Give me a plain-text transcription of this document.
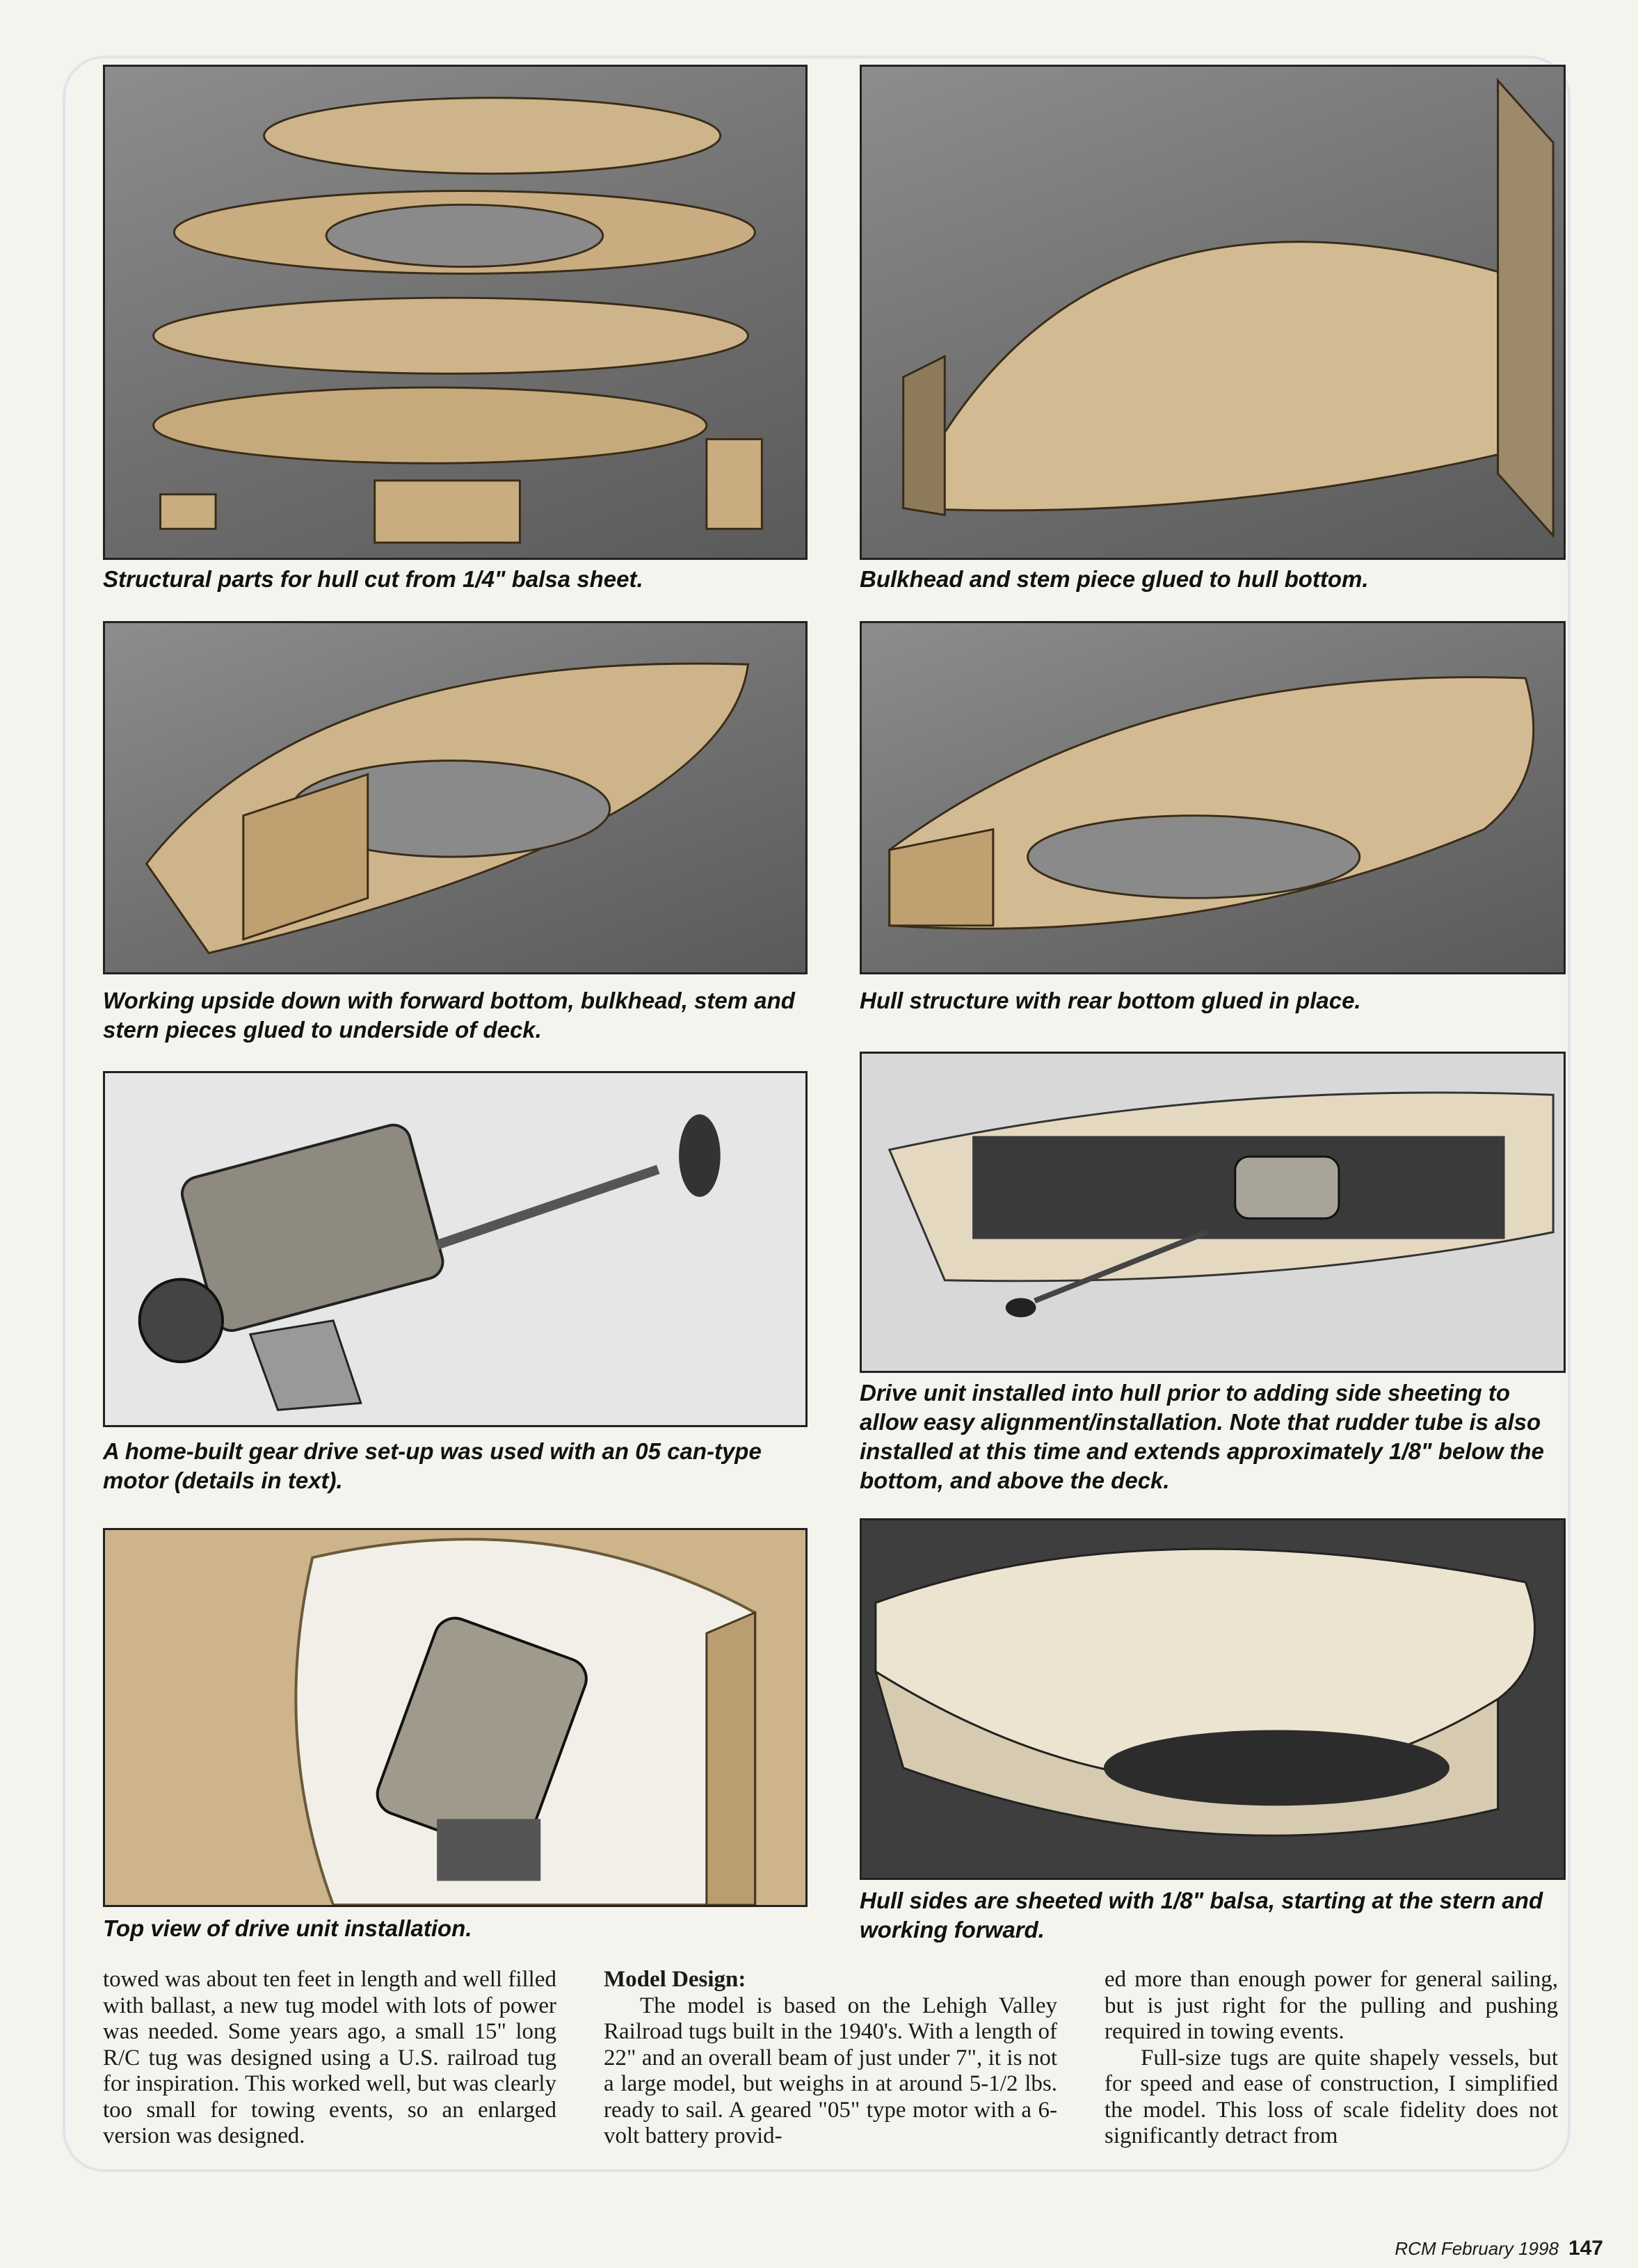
Structural parts for hull cut from 1/4" balsa sheet.	Bulkhead and stem piece glued to hull bottom.

Working upside down with forward bottom, bulkhead, stem and stern pieces glued to underside of deck.

Hull structure with rear bottom glued in place.

A home-built gear drive set-up was used with an 05 can-type motor (details in text).

Drive unit installed into hull prior to adding side sheeting to allow easy alignment/installation. Note that rudder tube is also installed at this time and extends approximately 1/8" below the bottom, and above the deck.

Top view of drive unit installation.

Hull sides are sheeted with 1/8" balsa, starting at the stern and working forward.

towed was about ten feet in length and well filled with ballast, a new tug model with lots of power was needed. Some years ago, a small 15" long R/C tug was designed using a U.S. railroad tug for inspiration. This worked well, but was clearly too small for towing events, so an enlarged version was designed.

Model Design:

The model is based on the Lehigh Valley Railroad tugs built in the 1940's. With a length of 22" and an overall beam of just under 7", it is not a large model, but weighs in at around 5-1/2 lbs. ready to sail. A geared "05" type motor with a 6-volt battery provid-

ed more than enough power for general sailing, but is just right for the pulling and pushing required in towing events.

Full-size tugs are quite shapely vessels, but for speed and ease of construction, I simplified the model. This loss of scale fidelity does not significantly detract from

RCM February 1998 147
